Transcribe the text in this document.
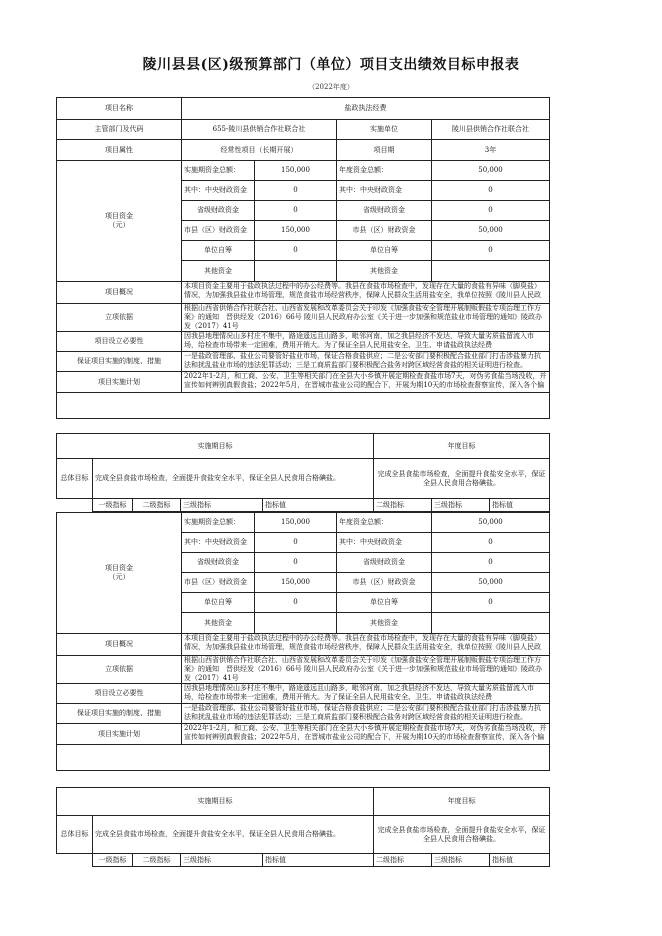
陵川县县(区)级预算部门（单位）项目支出绩效目标申报表
（2022年度）
项目名称	盐政执法经费			
主管部门及代码	655-陵川县供销合作社联合社		实施单位	陵川县供销合作社联合社
项目属性	经常性项目（长期开展）		项目期	3年

项目资金
（元）	实施期资金总额：	150,000	年度资金总额：	50,000
	其中：中央财政资金	0	其中：中央财政资金	0
	省级财政资金	0	省级财政资金	0
	市县（区）财政资金	150,000	市县（区）财政资金	50,000
	单位自筹	0	单位自筹	0
	其他资金		其他资金	
项目概况	本项目资金主要用于盐政执法过程中的办公经费等。我县在食盐市场检查中，发现存在大量的食盐有异味（脚臭盐）情况，为加强我县盐业市场管理，规范食盐市场经营秩序，保障人民群众生活用盐安全，我单位按照《陵川县人民政			

立项依据	根据山西省供销合作社联合社、山西省发展和改革委员会关于印发《加强食盐安全管理开展制贩假盐专项治理工作方案》的通知　晋供经发（2016）66号 陵川县人民政府办公室《关于进一步加强和规范盐业市场管理的通知》陵政办发（2017）41号			

项目设立必要性	因我县地理情况山多村庄不集中，路途遥远且山路多，毗邻河南，加之我县经济不发达，导致大量劣质盐留流入市场，给检查市场带来一定困难，费用开销大。为了保证全县人民用盐安全、卫生、申请盐政执法经费			

保证项目实施的制度、措施	一是盐政管理部、盐业公司要管好盐业市场，保证合格食盐供应；二是公安部门要积极配合盐业部门打击涉盐暴力抗法和扰乱盐业市场的违法犯罪活动；三是工商质监部门要积极配合盐务对跨区域经营食盐的相关证明进行检查。			

项目实施计划	2022年1-2月，和工商、公安、卫生等相关部门在全县大小乡镇开展定期检查食盐市场7天，对伪劣食盐当场没收，并宣传如何辨别真假食盐；2022年5月，在晋城市盐业公司的配合下，开展为期10天的市场检查督察宣传，深入各个偏			

实施期目标					年度目标		
总体目标	完成全县食盐市场检查，全面提升食盐安全水平，保证全县人民食用合格碘盐。				完成全县食盐市场检查，全面提升食盐安全水平，保证全县人民食用合格碘盐。		
	一级指标	二级指标	三级指标	指标值	二级指标	三级指标	指标值
项目资金
（元）	实施期资金总额：	150,000	年度资金总额：	50,000
	其中：中央财政资金	0	其中：中央财政资金	0
	省级财政资金	0	省级财政资金	0
	市县（区）财政资金	150,000	市县（区）财政资金	50,000
	单位自筹	0	单位自筹	0
	其他资金		其他资金	
项目概况	本项目资金主要用于盐政执法过程中的办公经费等。我县在食盐市场检查中，发现存在大量的食盐有异味（脚臭盐）情况，为加强我县盐业市场管理，规范食盐市场经营秩序，保障人民群众生活用盐安全，我单位按照《陵川县人民政			

立项依据	根据山西省供销合作社联合社、山西省发展和改革委员会关于印发《加强食盐安全管理开展制贩假盐专项治理工作方案》的通知　晋供经发（2016）66号 陵川县人民政府办公室《关于进一步加强和规范盐业市场管理的通知》陵政办发（2017）41号			

项目设立必要性	因我县地理情况山多村庄不集中，路途遥远且山路多，毗邻河南，加之我县经济不发达，导致大量劣质盐留流入市场，给检查市场带来一定困难，费用开销大。为了保证全县人民用盐安全、卫生、申请盐政执法经费			

保证项目实施的制度、措施	一是盐政管理部、盐业公司要管好盐业市场，保证合格食盐供应；二是公安部门要积极配合盐业部门打击涉盐暴力抗法和扰乱盐业市场的违法犯罪活动；三是工商质监部门要积极配合盐务对跨区域经营食盐的相关证明进行检查。			

项目实施计划	2022年1-2月，和工商、公安、卫生等相关部门在全县大小乡镇开展定期检查食盐市场7天，对伪劣食盐当场没收，并宣传如何辨别真假食盐；2022年5月，在晋城市盐业公司的配合下，开展为期10天的市场检查督察宣传，深入各个偏			

实施期目标					年度目标		
总体目标	完成全县食盐市场检查，全面提升食盐安全水平，保证全县人民食用合格碘盐。				完成全县食盐市场检查，全面提升食盐安全水平，保证全县人民食用合格碘盐。		
	一级指标	二级指标	三级指标	指标值	二级指标	三级指标	指标值
